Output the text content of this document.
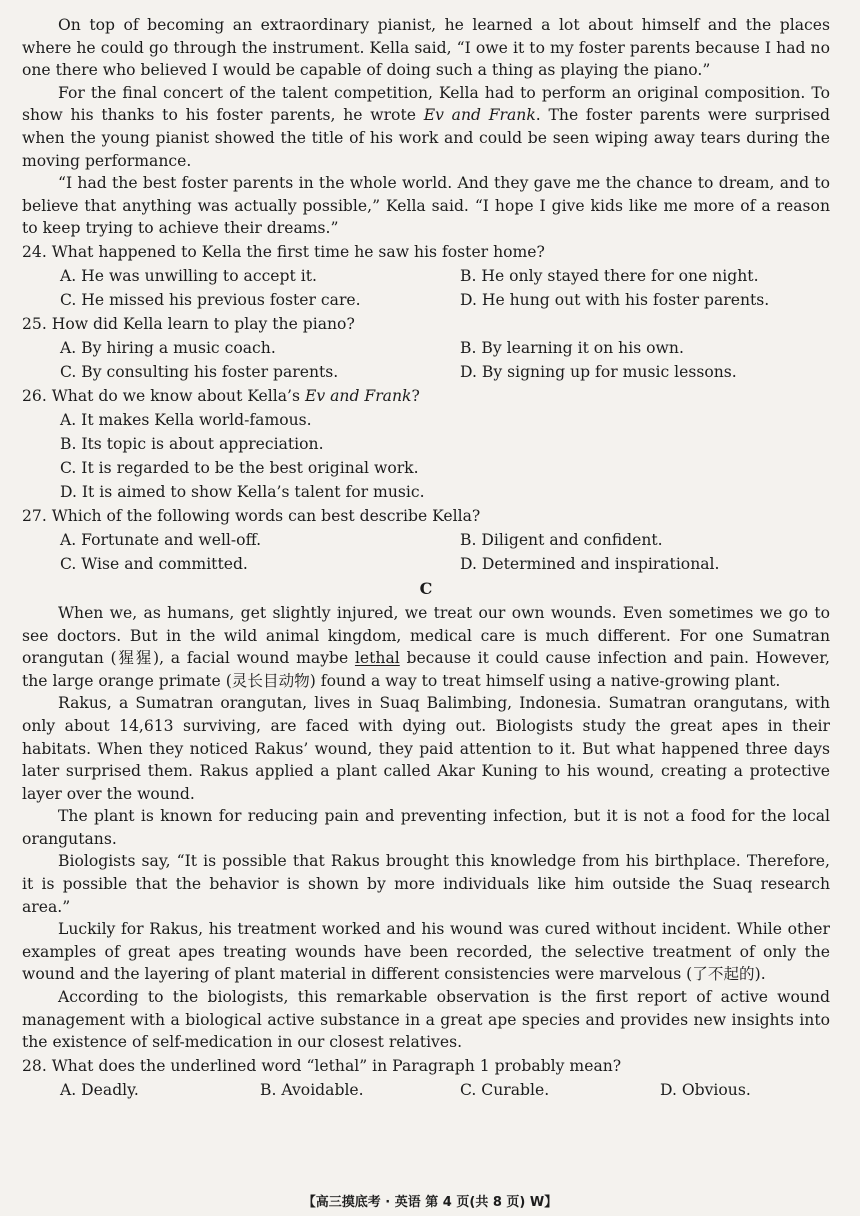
On top of becoming an extraordinary pianist, he learned a lot about himself and the places where he could go through the instrument. Kella said, “I owe it to my foster parents because I had no one there who believed I would be capable of doing such a thing as playing the piano.”

For the final concert of the talent competition, Kella had to perform an original composition. To show his thanks to his foster parents, he wrote Ev and Frank. The foster parents were surprised when the young pianist showed the title of his work and could be seen wiping away tears during the moving performance.

“I had the best foster parents in the whole world. And they gave me the chance to dream, and to believe that anything was actually possible,” Kella said. “I hope I give kids like me more of a reason to keep trying to achieve their dreams.”

24. What happened to Kella the first time he saw his foster home?

A. He was unwilling to accept it.	B. He only stayed there for one night.
C. He missed his previous foster care.	D. He hung out with his foster parents.

25. How did Kella learn to play the piano?

A. By hiring a music coach.	B. By learning it on his own.
C. By consulting his foster parents.	D. By signing up for music lessons.

26. What do we know about Kella’s Ev and Frank?

A. It makes Kella world-famous.
B. Its topic is about appreciation.
C. It is regarded to be the best original work.
D. It is aimed to show Kella’s talent for music.

27. Which of the following words can best describe Kella?

A. Fortunate and well-off.	B. Diligent and confident.
C. Wise and committed.	D. Determined and inspirational.
C

When we, as humans, get slightly injured, we treat our own wounds. Even sometimes we go to see doctors. But in the wild animal kingdom, medical care is much different. For one Sumatran orangutan (猩猩), a facial wound maybe lethal because it could cause infection and pain. However, the large orange primate (灵长目动物) found a way to treat himself using a native-growing plant.

Rakus, a Sumatran orangutan, lives in Suaq Balimbing, Indonesia. Sumatran orangutans, with only about 14,613 surviving, are faced with dying out. Biologists study the great apes in their habitats. When they noticed Rakus’ wound, they paid attention to it. But what happened three days later surprised them. Rakus applied a plant called Akar Kuning to his wound, creating a protective layer over the wound.

The plant is known for reducing pain and preventing infection, but it is not a food for the local orangutans.

Biologists say, “It is possible that Rakus brought this knowledge from his birthplace. Therefore, it is possible that the behavior is shown by more individuals like him outside the Suaq research area.”

Luckily for Rakus, his treatment worked and his wound was cured without incident. While other examples of great apes treating wounds have been recorded, the selective treatment of only the wound and the layering of plant material in different consistencies were marvelous (了不起的).

According to the biologists, this remarkable observation is the first report of active wound management with a biological active substance in a great ape species and provides new insights into the existence of self-medication in our closest relatives.

28. What does the underlined word “lethal” in Paragraph 1 probably mean?

A. Deadly.	B. Avoidable.	C. Curable.	D. Obvious.
【高三摸底考 · 英语 第 4 页(共 8 页) W】
